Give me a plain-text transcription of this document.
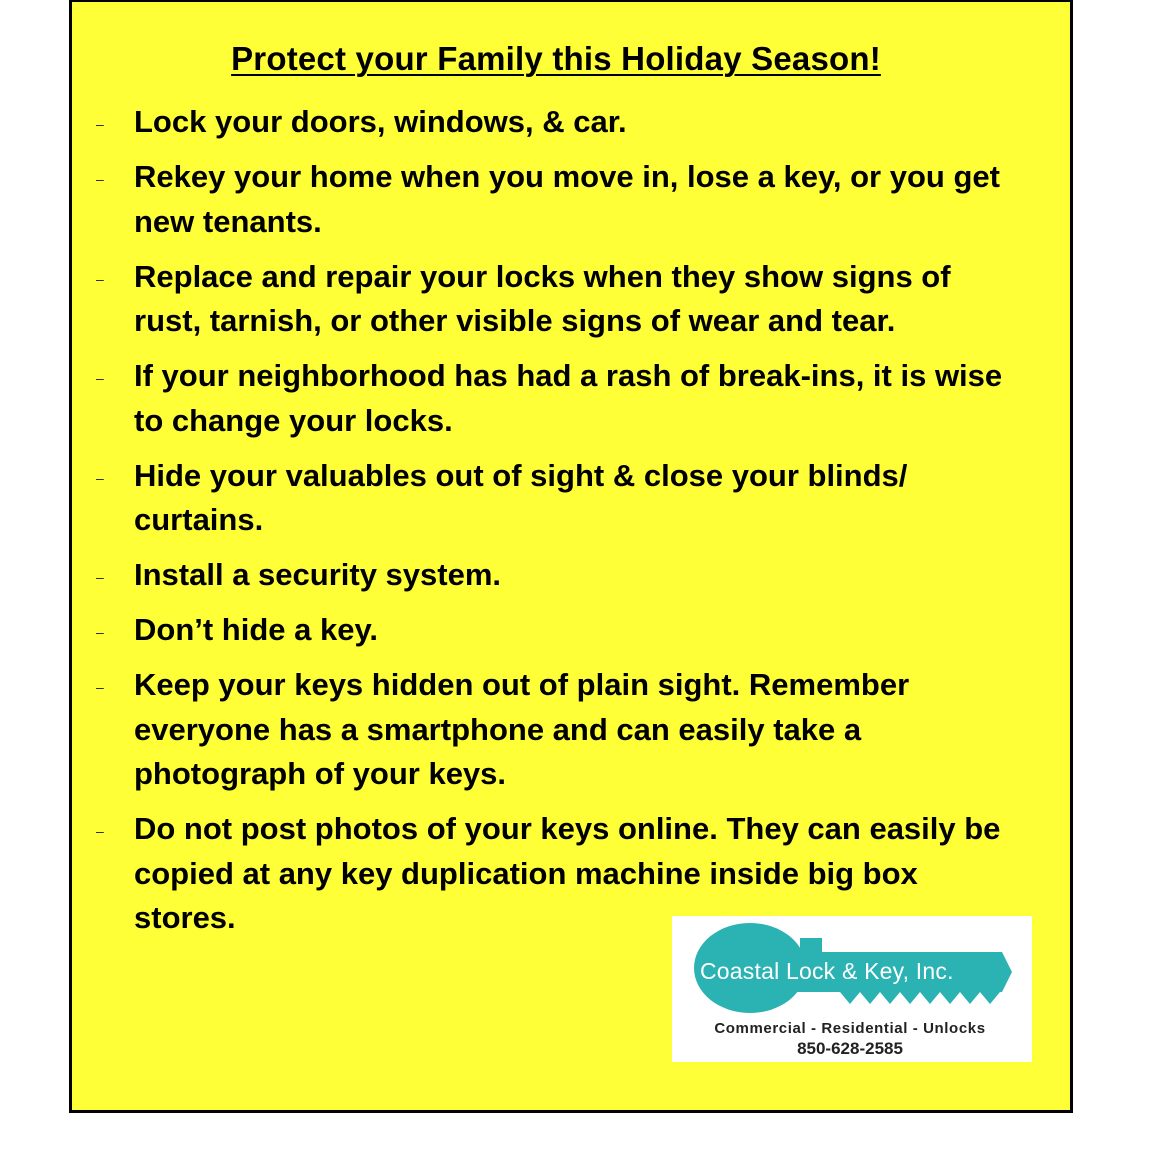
Protect your Family this Holiday Season!
– Lock your doors, windows, & car.
– Rekey your home when you move in, lose a key, or you get new tenants.
– Replace and repair your locks when they show signs of rust, tarnish, or other visible signs of wear and tear.
– If your neighborhood has had a rash of break-ins, it is wise to change your locks.
– Hide your valuables out of sight & close your blinds/ curtains.
– Install a security system.
– Don’t hide a key.
– Keep your keys hidden out of plain sight. Remember everyone has a smartphone and can easily take a photograph of your keys.
– Do not post photos of your keys online. They can easily be copied at any key duplication machine inside big box stores.
Coastal Lock & Key, Inc.
Commercial - Residential - Unlocks
850-628-2585
